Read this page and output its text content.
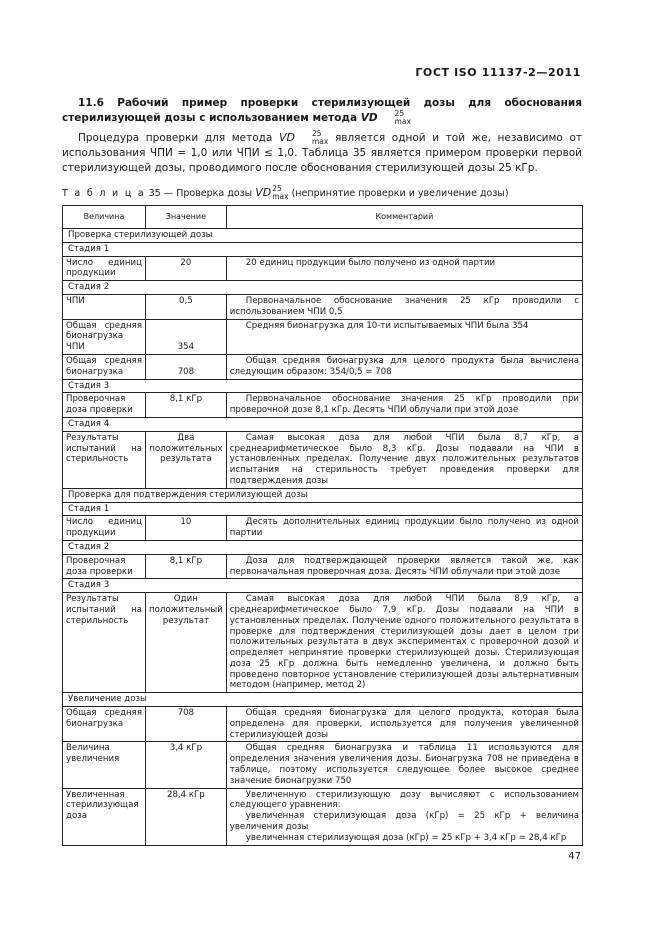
ГОСТ ISO 11137-2—2011
11.6 Рабочий пример проверки стерилизующей дозы для обоснования стерилизующей дозы с использованием метода VD	25
max
Процедура проверки для метода VD	25
max является одной и той же, независимо от использования ЧПИ = 1,0 или ЧПИ ≤ 1,0. Таблица 35 является примером проверки первой стерилизующей дозы, проводимого после обоснования стерилизующей дозы 25 кГр.
Т а б л и ц а 35 — Проверка дозы VD 25
max (непринятие проверки и увеличение дозы)
Величина	Значение	Комментарий
Проверка стерилизующей дозы		
Стадия 1		
Число единиц продукции	20	20 единиц продукции было получено из одной партии

Стадия 2		
ЧПИ	0,5	Первоначальное обоснование значения 25 кГр проводили с использованием ЧПИ 0,5

Общая средняя бионагрузка ЧПИ	354	Средняя бионагрузка для 10-ти испытываемых ЧПИ была 354

Общая средняя бионагрузка	708	Общая средняя бионагрузка для целого продукта была вычислена следующим образом: 354/0,5 = 708

Стадия 3		
Проверочная доза проверки	8,1 кГр	Первоначальное обоснование значения 25 кГр проводили при проверочной дозе 8,1 кГр. Десять ЧПИ облучали при этой дозе

Стадия 4		
Результаты испытаний на стерильность	Два положительных результата	Самая высокая доза для любой ЧПИ была 8,7 кГр, а среднеарифметическое было 8,3 кГр. Дозы подавали на ЧПИ в установленных пределах. Получение двух положительных результатов испытания на стерильность требует проведения проверки для подтверждения дозы

Проверка для подтверждения стерилизующей дозы		
Стадия 1		
Число единиц продукции	10	Десять дополнительных единиц продукции было получено из одной партии

Стадия 2		
Проверочная доза проверки	8,1 кГр	Доза для подтверждающей проверки является такой же, как первоначальная проверочная доза. Десять ЧПИ облучали при этой дозе

Стадия 3		
Результаты испытаний на стерильность	Один положительный результат	Самая высокая доза для любой ЧПИ была 8,9 кГр, а среднеарифметическое было 7,9 кГр. Дозы подавали на ЧПИ в установленных пределах. Получение одного положительного результата в проверке для подтверждения стерилизующей дозы дает в целом три положительных результата в двух экспериментах с проверочной дозой и определяет непринятие проверки стерилизующей дозы. Стерилизующая доза 25 кГр должна быть немедленно увеличена, и должно быть проведено повторное установление стерилизующей дозы альтернативным методом (например, метод 2)

Увеличение дозы		
Общая средняя бионагрузка	708	Общая средняя бионагрузка для целого продукта, которая была определена для проверки, используется для получения увеличенной стерилизующей дозы

Величина увеличения	3,4 кГр	Общая средняя бионагрузка и таблица 11 используются для определения значения увеличения дозы. Бионагрузка 708 не приведена в таблице, поэтому используется следующее более высокое среднее значение бионагрузки 750

Увеличенная стерилизующая доза	28,4 кГр	Увеличенную стерилизующую дозу вычисляют с использованием следующего уравнения:
увеличенная стерилизующая доза (кГр) = 25 кГр + величина увеличения дозы
увеличенная стерилизующая доза (кГр) = 25 кГр + 3,4 кГр = 28,4 кГр
47
